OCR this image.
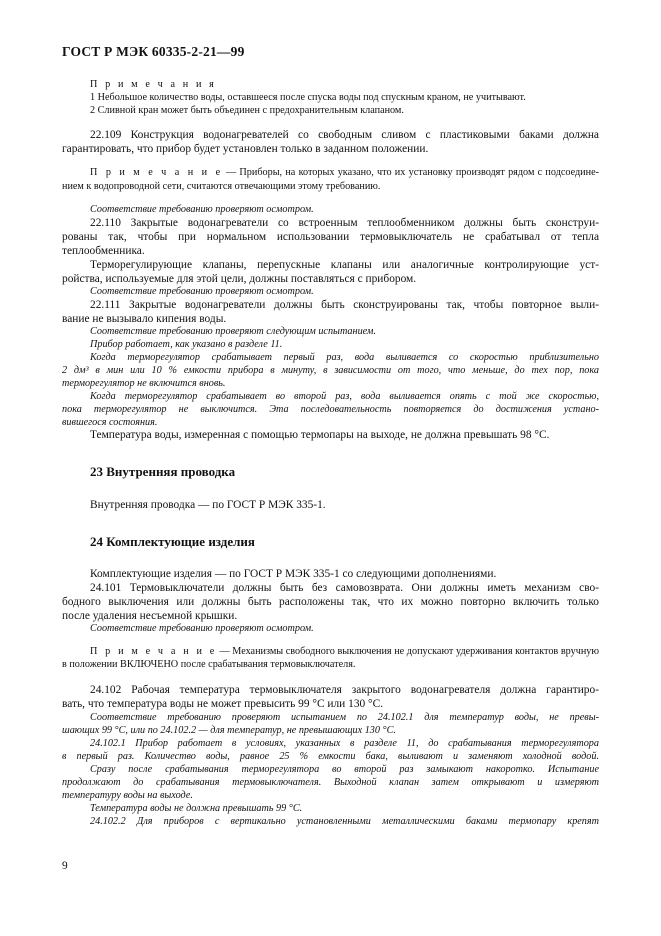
ГОСТ Р МЭК 60335-2-21—99
П р и м е ч а н и я
1 Небольшое количество воды, оставшееся после спуска воды под спускным краном, не учитывают.
2 Сливной кран может быть объединен с предохранительным клапаном.
22.109 Конструкция водонагревателей со свободным сливом с пластиковыми баками должна
гарантировать, что прибор будет установлен только в заданном положении.
П р и м е ч а н и е — Приборы, на которых указано, что их установку производят рядом с подсоедине-
нием к водопроводной сети, считаются отвечающими этому требованию.
Соответствие требованию проверяют осмотром.
22.110 Закрытые водонагреватели со встроенным теплообменником должны быть сконструи-
рованы так, чтобы при нормальном использовании термовыключатель не срабатывал от тепла
теплообменника.
Терморегулирующие клапаны, перепускные клапаны или аналогичные контролирующие уст-
ройства, используемые для этой цели, должны поставляться с прибором.
Соответствие требованию проверяют осмотром.
22.111 Закрытые водонагреватели должны быть сконструированы так, чтобы повторное выли-
вание не вызывало кипения воды.
Соответствие требованию проверяют следующим испытанием.
Прибор работает, как указано в разделе 11.
Когда терморегулятор срабатывает первый раз, вода выливается со скоростью приблизительно
2 дм³ в мин или 10 % емкости прибора в минуту, в зависимости от того, что меньше, до тех пор, пока
терморегулятор не включится вновь.
Когда терморегулятор срабатывает во второй раз, вода выливается опять с той же скоростью,
пока терморегулятор не выключится. Эта последовательность повторяется до достижения устано-
вившегося состояния.
Температура воды, измеренная с помощью термопары на выходе, не должна превышать 98 °С.
23 Внутренняя проводка
Внутренняя проводка — по ГОСТ Р МЭК 335-1.
24 Комплектующие изделия
Комплектующие изделия — по ГОСТ Р МЭК 335-1 со следующими дополнениями.
24.101 Термовыключатели должны быть без самовозврата. Они должны иметь механизм сво-
бодного выключения или должны быть расположены так, что их можно повторно включить только
после удаления несъемной крышки.
Соответствие требованию проверяют осмотром.
П р и м е ч а н и е — Механизмы свободного выключения не допускают удерживания контактов вручную
в положении ВКЛЮЧЕНО после срабатывания термовыключателя.
24.102 Рабочая температура термовыключателя закрытого водонагревателя должна гарантиро-
вать, что температура воды не может превысить 99 °С или 130 °С.
Соответствие требованию проверяют испытанием по 24.102.1 для температур воды, не превы-
шающих 99 °С, или по 24.102.2 — для температур, не превышающих 130 °С.
24.102.1 Прибор работает в условиях, указанных в разделе 11, до срабатывания терморегулятора
в первый раз. Количество воды, равное 25 % емкости бака, выливают и заменяют холодной водой.
Сразу после срабатывания терморегулятора во второй раз замыкают накоротко. Испытание
продолжают до срабатывания термовыключателя. Выходной клапан затем открывают и измеряют
температуру воды на выходе.
Температура воды не должна превышать 99 °С.
24.102.2 Для приборов с вертикально установленными металлическими баками термопару крепят
9
